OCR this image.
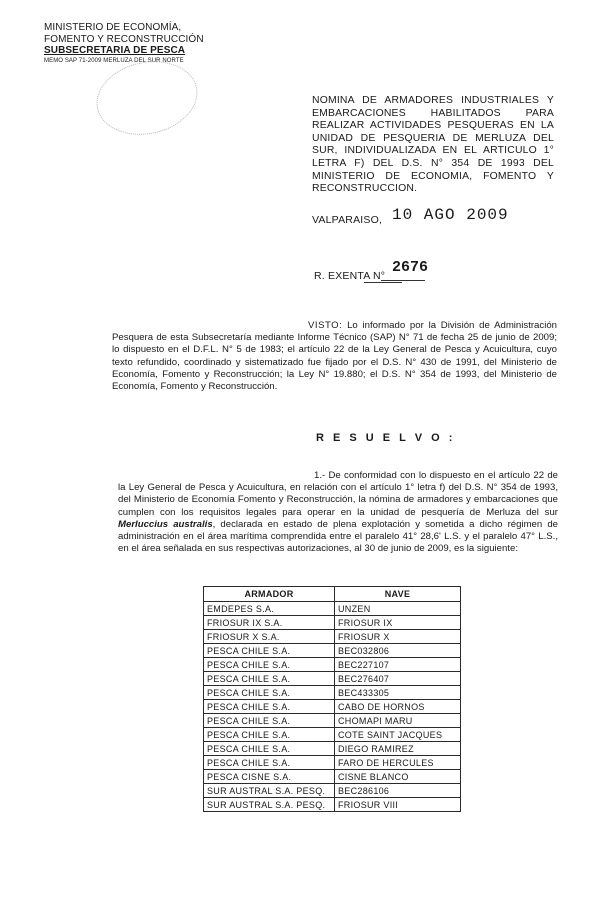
MINISTERIO DE ECONOMÍA,
FOMENTO Y RECONSTRUCCIÓN
SUBSECRETARIA DE PESCA
MEMO SAP 71-2009 MERLUZA DEL SUR NORTE
NOMINA DE ARMADORES INDUSTRIALES Y EMBARCACIONES HABILITADOS PARA REALIZAR ACTIVIDADES PESQUERAS EN LA UNIDAD DE PESQUERIA DE MERLUZA DEL SUR, INDIVIDUALIZADA EN EL ARTICULO 1° LETRA F) DEL D.S. N° 354 DE 1993 DEL MINISTERIO DE ECONOMIA, FOMENTO Y RECONSTRUCCION.
VALPARAISO, 10 AGO 2009
R. EXENTA N° 2676
VISTO: Lo informado por la División de Administración Pesquera de esta Subsecretaría mediante Informe Técnico (SAP) N° 71 de fecha 25 de junio de 2009; lo dispuesto en el D.F.L. N° 5 de 1983; el artículo 22 de la Ley General de Pesca y Acuicultura, cuyo texto refundido, coordinado y sistematizado fue fijado por el D.S. N° 430 de 1991, del Ministerio de Economía, Fomento y Reconstrucción; la Ley N° 19.880; el D.S. N° 354 de 1993, del Ministerio de Economía, Fomento y Reconstrucción.
R E S U E L V O :
1.- De conformidad con lo dispuesto en el artículo 22 de la Ley General de Pesca y Acuicultura, en relación con el artículo 1° letra f) del D.S. N° 354 de 1993, del Ministerio de Economía Fomento y Reconstrucción, la nómina de armadores y embarcaciones que cumplen con los requisitos legales para operar en la unidad de pesquería de Merluza del sur Merluccius australis, declarada en estado de plena explotación y sometida a dicho régimen de administración en el área marítima comprendida entre el paralelo 41° 28,6' L.S. y el paralelo 47° L.S., en el área señalada en sus respectivas autorizaciones, al 30 de junio de 2009, es la siguiente:
ARMADOR	NAVE
EMDEPES S.A.	UNZEN
FRIOSUR IX S.A.	FRIOSUR IX
FRIOSUR X S.A.	FRIOSUR X
PESCA CHILE S.A.	BEC032806
PESCA CHILE S.A.	BEC227107
PESCA CHILE S.A.	BEC276407
PESCA CHILE S.A.	BEC433305
PESCA CHILE S.A.	CABO DE HORNOS
PESCA CHILE S.A.	CHOMAPI MARU
PESCA CHILE S.A.	COTE SAINT JACQUES
PESCA CHILE S.A.	DIEGO RAMIREZ
PESCA CHILE S.A.	FARO DE HERCULES
PESCA CISNE S.A.	CISNE BLANCO
SUR AUSTRAL S.A. PESQ.	BEC286106
SUR AUSTRAL S.A. PESQ.	FRIOSUR VIII
